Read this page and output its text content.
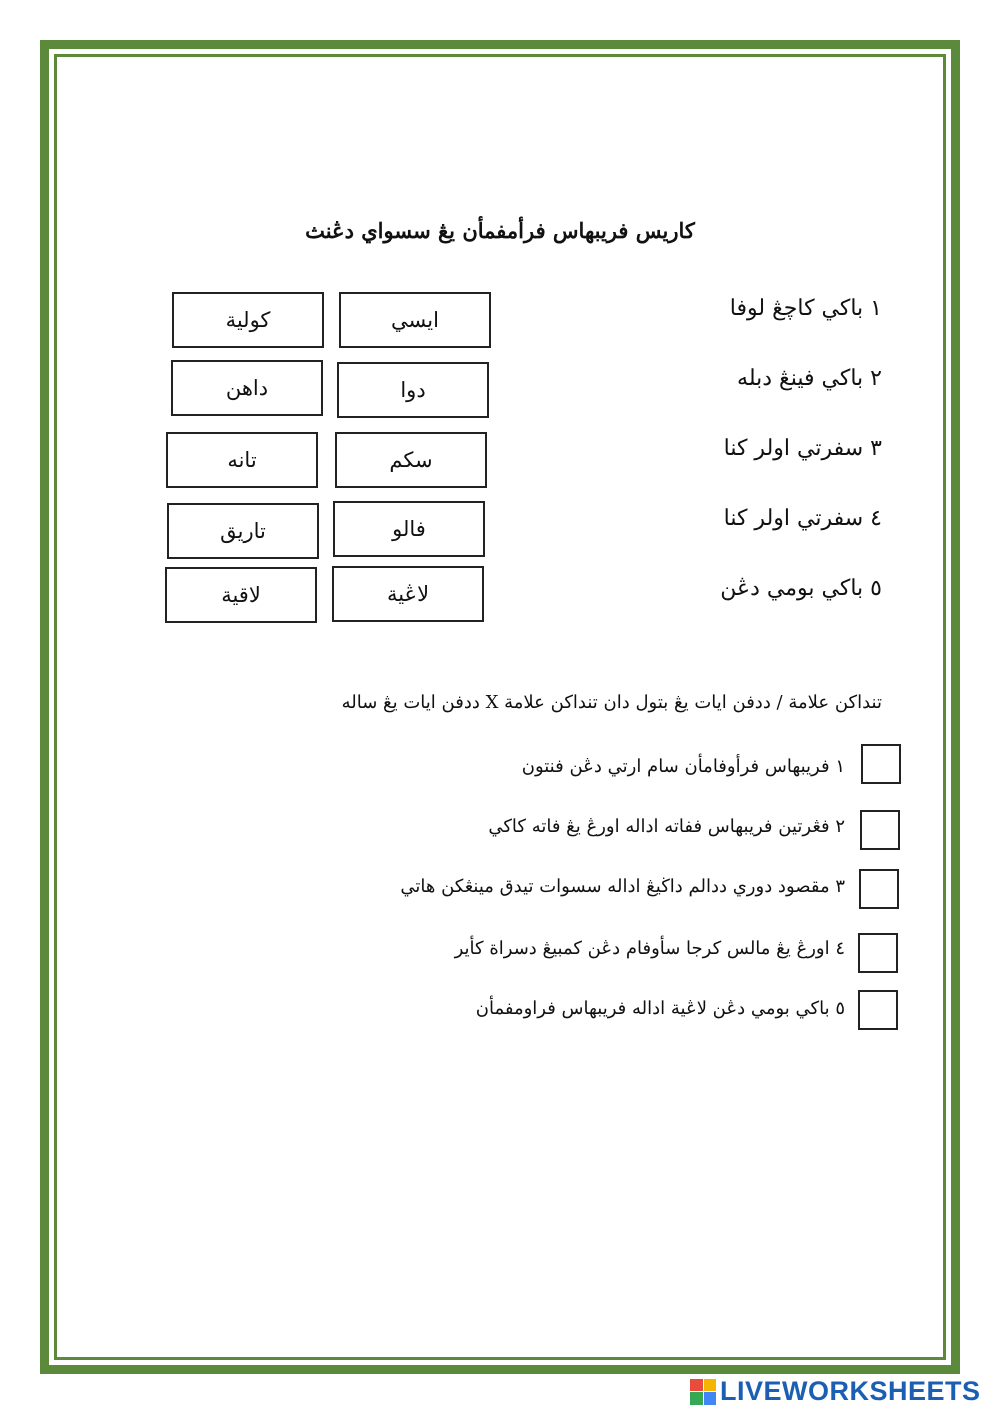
كاريس فريبهاس فرأمفمأن يڠ سسواي دڠنث
١ باکي کاچڠ لوفا
٢ باکي فينڠ دبله
٣ سفرتي اولر کنا
٤ سفرتي اولر کنا
٥ باکي بومي دڠن
کولية	ايسي
داهن	دوا
تانه	سکم
تاريق	فالو
لاقية	لاڠية
تنداکن علامة / ددفن ايات يڠ بتول دان تنداکن علامة X ددفن ايات يڠ ساله
١ فريبهاس فرأوفامأن سام ارتي دڠن فنتون
٢ فڠرتين فريبهاس ففاته اداله اورڠ يڠ فاته کاکي
٣ مقصود دوري ددالم داڬيڠ اداله سسوات تيدق مينڠکن هاتي
٤ اورڠ يڠ مالس کرجا سأوفام دڠن کمبيڠ دسراة کأير
٥ باکي بومي دڠن لاڠية اداله فريبهاس فراومفمأن
LIVEWORKSHEETS
